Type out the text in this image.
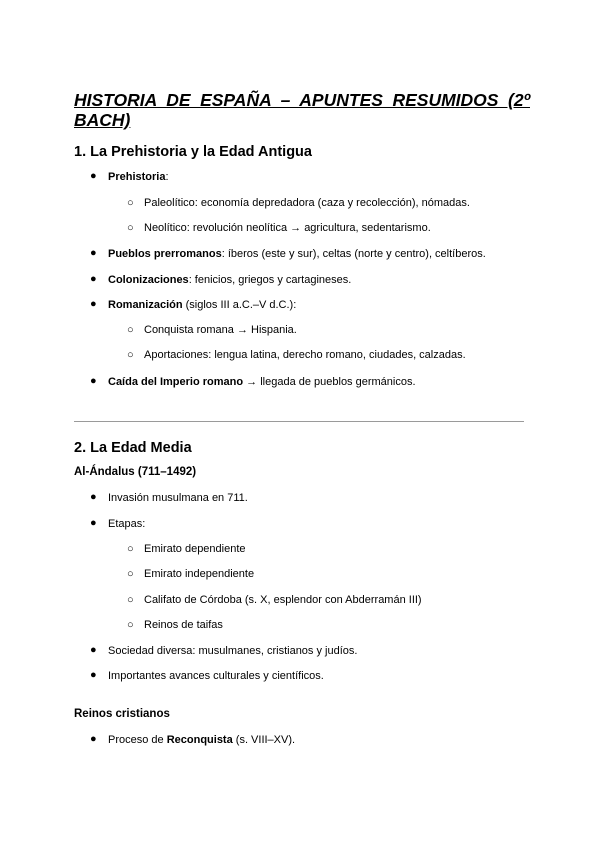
HISTORIA DE ESPAÑA – APUNTES RESUMIDOS (2º BACH)
1. La Prehistoria y la Edad Antigua
● Prehistoria:
○ Paleolítico: economía depredadora (caza y recolección), nómadas.
○ Neolítico: revolución neolítica → agricultura, sedentarismo.
● Pueblos prerromanos: íberos (este y sur), celtas (norte y centro), celtíberos.
● Colonizaciones: fenicios, griegos y cartagineses.
● Romanización (siglos III a.C.–V d.C.):
○ Conquista romana → Hispania.
○ Aportaciones: lengua latina, derecho romano, ciudades, calzadas.
● Caída del Imperio romano → llegada de pueblos germánicos.
2. La Edad Media
Al-Ándalus (711–1492)
● Invasión musulmana en 711.
● Etapas:
○ Emirato dependiente
○ Emirato independiente
○ Califato de Córdoba (s. X, esplendor con Abderramán III)
○ Reinos de taifas
● Sociedad diversa: musulmanes, cristianos y judíos.
● Importantes avances culturales y científicos.
Reinos cristianos
● Proceso de Reconquista (s. VIII–XV).
